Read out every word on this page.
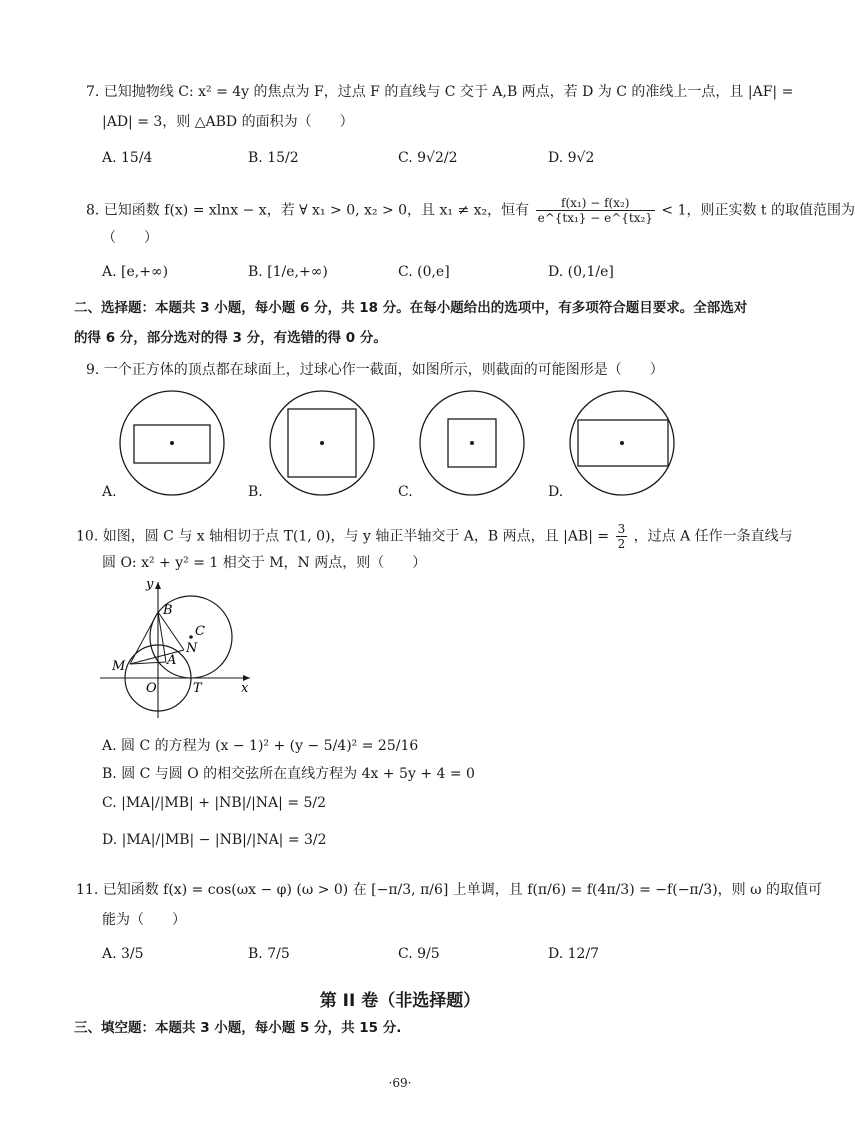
7. 已知抛物线 C: x² = 4y 的焦点为 F，过点 F 的直线与 C 交于 A,B 两点，若 D 为 C 的准线上一点，且 |AF| =
|AD| = 3，则 △ABD 的面积为（　　）
A. 15/4	B. 15/2	C. 9√2/2	D. 9√2
8. 已知函数 f(x) = xlnx − x，若 ∀ x₁ > 0, x₂ > 0，且 x₁ ≠ x₂，恒有 $\frac{\text{f(x₁) − f(x₂)}}{\text{e\textasciicircum{}\{tx₁\} − e\textasciicircum{}\{tx₂\}}} < 1$，则正实数 t 的取值范围为
（　　）
A. [e,+∞)	B. [1/e,+∞)	C. (0,e]	D. (0,1/e]
二、选择题：本题共 3 小题，每小题 6 分，共 18 分。在每小题给出的选项中，有多项符合题目要求。全部选对
的得 6 分，部分选对的得 3 分，有选错的得 0 分。
9. 一个正方体的顶点都在球面上，过球心作一截面，如图所示，则截面的可能图形是（　　）
A.	B.	C.	D.
10. 如图，圆 C 与 x 轴相切于点 T(1, 0)，与 y 轴正半轴交于 A，B 两点，且 $|AB| = \frac{3}{2}$ ，过点 A 任作一条直线与
圆 O: x² + y² = 1 相交于 M，N 两点，则（　　）
y
x
B
C
N
A
M
O	T
A. 圆 C 的方程为 (x − 1)² + (y − 5/4)² = 25/16
B. 圆 C 与圆 O 的相交弦所在直线方程为 4x + 5y + 4 = 0
C. |MA|/|MB| + |NB|/|NA| = 5/2
D. |MA|/|MB| − |NB|/|NA| = 3/2
11. 已知函数 f(x) = cos(ωx − φ) (ω > 0) 在 [−π/3, π/6] 上单调，且 f(π/6) = f(4π/3) = −f(−π/3)，则 ω 的取值可
能为（　　）
A. 3/5	B. 7/5	C. 9/5	D. 12/7
第 II 卷（非选择题）
三、填空题：本题共 3 小题，每小题 5 分，共 15 分.
·69·
